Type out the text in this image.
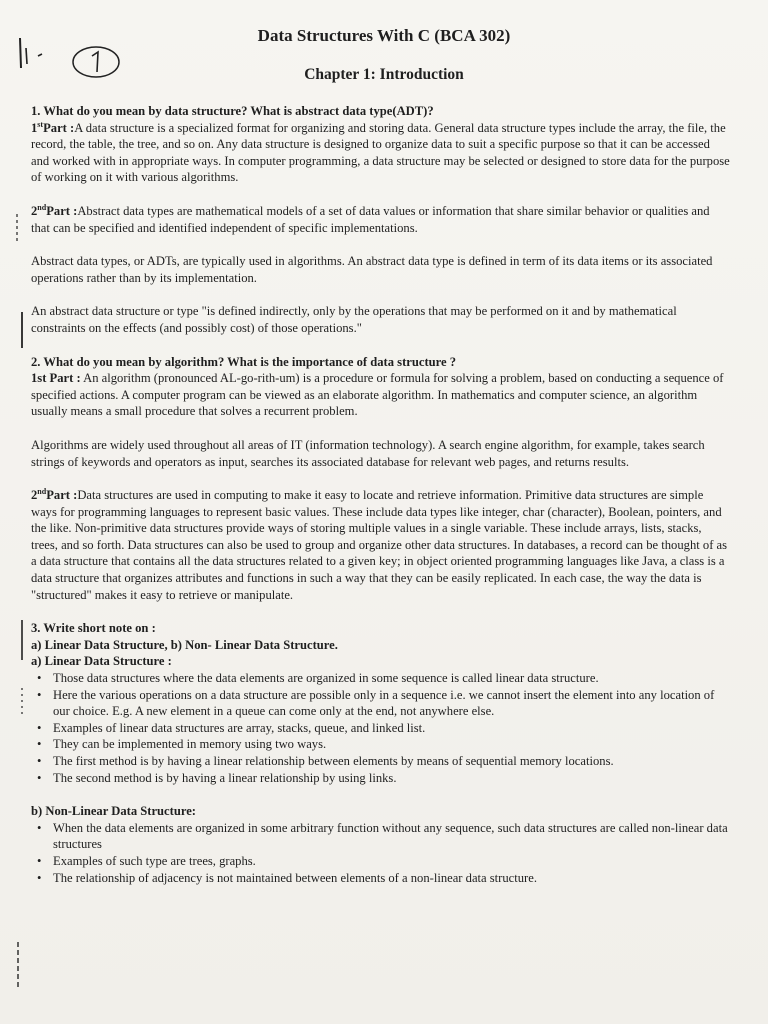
Data Structures With C (BCA 302)
Chapter 1: Introduction

1. What do you mean by data structure? What is abstract data type(ADT)?

1stPart :A data structure is a specialized format for organizing and storing data. General data structure types include the array, the file, the record, the table, the tree, and so on. Any data structure is designed to organize data to suit a specific purpose so that it can be accessed and worked with in appropriate ways. In computer programming, a data structure may be selected or designed to store data for the purpose of working on it with various algorithms.

2ndPart :Abstract data types are mathematical models of a set of data values or information that share similar behavior or qualities and that can be specified and identified independent of specific implementations.

Abstract data types, or ADTs, are typically used in algorithms. An abstract data type is defined in term of its data items or its associated operations rather than by its implementation.

An abstract data structure or type "is defined indirectly, only by the operations that may be performed on it and by mathematical constraints on the effects (and possibly cost) of those operations."

2. What do you mean by algorithm? What is the importance of data structure ?

1st Part : An algorithm (pronounced AL-go-rith-um) is a procedure or formula for solving a problem, based on conducting a sequence of specified actions. A computer program can be viewed as an elaborate algorithm. In mathematics and computer science, an algorithm usually means a small procedure that solves a recurrent problem.

Algorithms are widely used throughout all areas of IT (information technology). A search engine algorithm, for example, takes search strings of keywords and operators as input, searches its associated database for relevant web pages, and returns results.

2ndPart :Data structures are used in computing to make it easy to locate and retrieve information. Primitive data structures are simple ways for programming languages to represent basic values. These include data types like integer, char (character), Boolean, pointers, and the like. Non-primitive data structures provide ways of storing multiple values in a single variable. These include arrays, lists, stacks, trees, and so forth. Data structures can also be used to group and organize other data structures. In databases, a record can be thought of as a data structure that contains all the data structures related to a given key; in object oriented programming languages like Java, a class is a data structure that organizes attributes and functions in such a way that they can be easily replicated. In each case, the way the data is "structured" makes it easy to retrieve or manipulate.

3. Write short note on :

a) Linear Data Structure, b) Non- Linear Data Structure.

a) Linear Data Structure :

• Those data structures where the data elements are organized in some sequence is called linear data structure.
• Here the various operations on a data structure are possible only in a sequence i.e. we cannot insert the element into any location of our choice. E.g. A new element in a queue can come only at the end, not anywhere else.
• Examples of linear data structures are array, stacks, queue, and linked list.
• They can be implemented in memory using two ways.
• The first method is by having a linear relationship between elements by means of sequential memory locations.
• The second method is by having a linear relationship by using links.

b) Non-Linear Data Structure:

• When the data elements are organized in some arbitrary function without any sequence, such data structures are called non-linear data structures
• Examples of such type are trees, graphs.
• The relationship of adjacency is not maintained between elements of a non-linear data structure.
